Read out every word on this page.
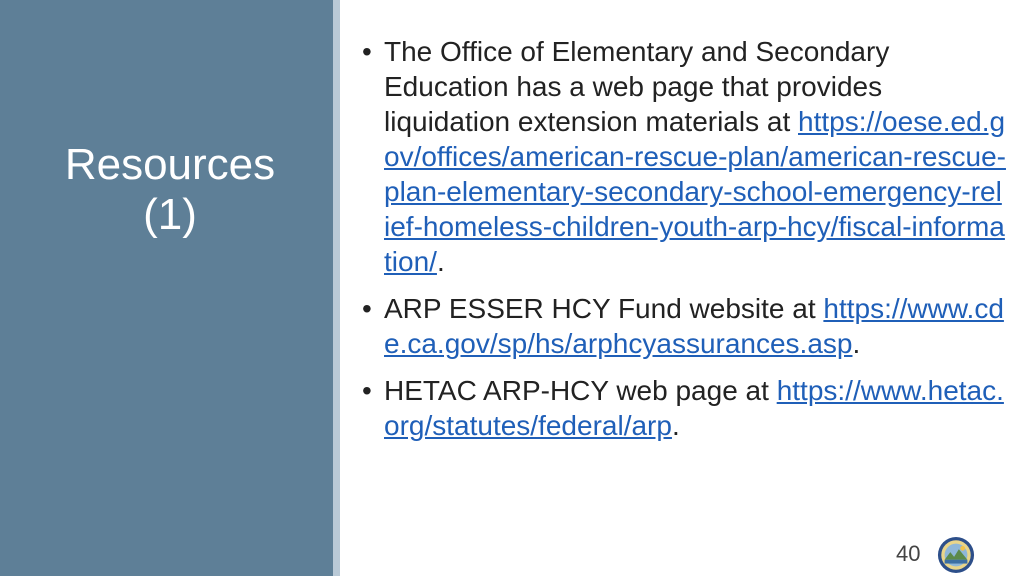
Resources
(1)
• The Office of Elementary and Secondary Education has a web page that provides liquidation extension materials at https://oese.ed.gov/offices/american-rescue-plan/american-rescue-plan-elementary-secondary-school-emergency-relief-homeless-children-youth-arp-hcy/fiscal-information/.
• ARP ESSER HCY Fund website at https://www.cde.ca.gov/sp/hs/arphcyassurances.asp.
• HETAC ARP-HCY web page at https://www.hetac.org/statutes/federal/arp.
40
